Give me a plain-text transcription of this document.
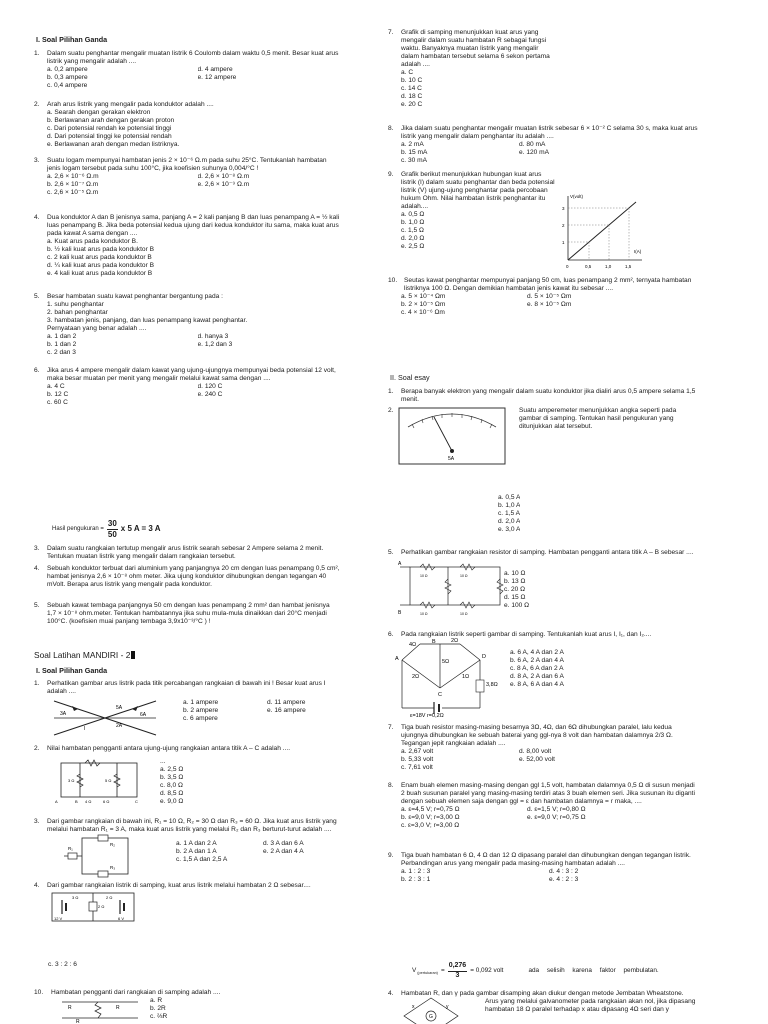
I. Soal Pilihan Ganda
1.	Dalam suatu penghantar mengalir muatan listrik 6 Coulomb dalam waktu 0,5 menit. Besar kuat arus listrik yang mengalir adalah ....
a. 0,2 ampere	d. 4 ampere
b. 0,3 ampere	e. 12 ampere
c. 0,4 ampere
2.	Arah arus listrik yang mengalir pada konduktor adalah ....
a. Searah dengan gerakan elektron
b. Berlawanan arah dengan gerakan proton
c. Dari potensial rendah ke potensial tinggi
d. Dari potensial tinggi ke potensial rendah
e. Berlawanan arah dengan medan listriknya.
3.	Suatu logam mempunyai hambatan jenis 2 × 10⁻⁶ Ω.m pada suhu 25°C. Tentukanlah hambatan jenis logam tersebut pada suhu 100°C, jika koefisien suhunya 0,004/°C !
a. 2,6 × 10⁻⁶ Ω.m	d. 2,6 × 10⁻⁸ Ω.m
b. 2,6 × 10⁻⁷ Ω.m	e. 2,6 × 10⁻⁹ Ω.m
c. 2,6 × 10⁻⁵ Ω.m
4.	Dua konduktor A dan B jenisnya sama, panjang A = 2 kali panjang B dan luas penampang A = ½ kali luas penampang B. Jika beda potensial kedua ujung dari kedua konduktor itu sama, maka kuat arus pada kawat A sama dengan ....
a. Kuat arus pada konduktor B.
b. ½ kali kuat arus pada konduktor B
c. 2 kali kuat arus pada konduktor B
d. ¼ kali kuat arus pada konduktor B
e. 4 kali kuat arus pada konduktor B
5.	Besar hambatan suatu kawat penghantar bergantung pada :
1. suhu penghantar
2. bahan penghantar
3. hambatan jenis, panjang, dan luas penampang kawat penghantar.
Pernyataan yang benar adalah ....
a. 1 dan 2	d. hanya 3
b. 1 dan 2	e. 1,2 dan 3
c. 2 dan 3
6.	Jika arus 4 ampere mengalir dalam kawat yang ujung-ujungnya mempunyai beda potensial 12 volt, maka besar muatan per menit yang mengalir melalui kawat sama dengan ....
a. 4 C	d. 120 C
b. 12 C	e. 240 C
c. 60 C
Hasil pengukuran = $\frac{30}{50}$ x 5 A = 3 A
3.	Dalam suatu rangkaian tertutup mengalir arus listrik searah sebesar 2 Ampere selama 2 menit. Tentukan muatan listrik yang mengalir dalam rangkaian tersebut.
4.	Sebuah konduktor terbuat dari aluminium yang panjangnya 20 cm dengan luas penampang 0,5 cm², hambat jenisnya 2,6 × 10⁻⁸ ohm meter. Jika ujung konduktor dihubungkan dengan tegangan 40 mVolt. Berapa arus listrik yang mengalir pada konduktor.
5.	Sebuah kawat tembaga panjangnya 50 cm dengan luas penampang 2 mm² dan hambat jenisnya 1,7 × 10⁻⁸ ohm.meter. Tentukan hambatannya jika suhu mula-mula dinaikkan dari 20°C menjadi 100°C. (koefisien muai panjang tembaga 3,9x10⁻³/°C ) !
Soal Latihan MANDIRI - 2
I. Soal Pilihan Ganda
1.	Perhatikan gambar arus listrik pada titik percabangan rangkaian di bawah ini ! Besar kuat arus I adalah ....
3A
5A
2A
I
6A
a. 1 ampere	d. 11 ampere
b. 2 ampere	e. 16 ampere
c. 6 ampere
2.	Nilai hambatan pengganti antara ujung-ujung rangkaian antara titik A – C adalah ....
3 Ω	5 Ω
4 Ω	6 Ω
A	B	C
...
a. 2,5 Ω
b. 3,5 Ω
c. 8,0 Ω
d. 8,5 Ω
e. 9,0 Ω
3.	Dari gambar rangkaian di bawah ini, R₁ = 10 Ω, R₂ = 30 Ω dan R₃ = 60 Ω. Jika kuat arus listrik yang melalui hambatan R₁ = 3 A, maka kuat arus listrik yang melalui R₂ dan R₃ berturut-turut adalah ....
R₁
R₂
R₃
a. 1 A dan 2 A	d. 3 A dan 6 A
b. 2 A dan 1 A	e. 2 A dan 4 A
c. 1,5 A dan 2,5 A
4.	Dari gambar rangkaian listrik di samping, kuat arus listrik melalui hambatan 2 Ω sebesar....
12 V	6 V
2 Ω
3 Ω	2 Ω
c. 3 : 2 : 6
10.	Hambatan pengganti dari rangkaian di samping adalah ....
R	R
R
a. R
b. 2R
c. ⅔R
7.	Grafik di samping menunjukkan kuat arus yang mengalir dalam suatu hambatan R sebagai fungsi waktu. Banyaknya muatan listrik yang mengalir dalam hambatan tersebut selama 6 sekon pertama adalah ....
a. C
b. 10 C
c. 14 C
d. 18 C
e. 20 C
8.	Jika dalam suatu penghantar mengalir muatan listrik sebesar 6 × 10⁻² C selama 30 s, maka kuat arus listrik yang mengalir dalam penghantar itu adalah ....
a. 2 mA	d. 80 mA
b. 15 mA	e. 120 mA
c. 30 mA
9.	Grafik berikut menunjukkan hubungan kuat arus listrik (I) dalam suatu penghantar dan beda potensial listrik (V) ujung-ujung penghantar pada percobaan hukum Ohm. Nilai hambatan listrik penghantar itu adalah....
a. 0,5 Ω
b. 1,0 Ω
c. 1,5 Ω
d. 2,0 Ω
e. 2,5 Ω
V(volt)
I(A)
1
2
3
0	0,5	1,0	1,5
10.	Seutas kawat penghantar mempunyai panjang 50 cm, luas penampang 2 mm², ternyata hambatan listriknya 100 Ω. Dengan demikian hambatan jenis kawat itu sebesar ....
a. 5 × 10⁻⁴ Ωm	d. 5 × 10⁻⁵ Ωm
b. 2 × 10⁻⁵ Ωm	e. 8 × 10⁻⁵ Ωm
c. 4 × 10⁻⁶ Ωm
II. Soal esay
1.	Berapa banyak elektron yang mengalir dalam suatu konduktor jika dialiri arus 0,5 ampere selama 1,5 menit.
2.	Suatu amperemeter menunjukkan angka seperti pada gambar di samping. Tentukan hasil pengukuran yang ditunjukkan alat tersebut.
5A
a. 0,5 A
b. 1,0 A
c. 1,5 A
d. 2,0 A
e. 3,0 A
5.	Perhatikan gambar rangkaian resistor di samping. Hambatan pengganti antara titik A – B sebesar ....
A
B
10 Ω	10 Ω
10 Ω	10 Ω
a. 10 Ω
b. 13 Ω
c. 20 Ω
d. 15 Ω
e. 100 Ω
6.	Pada rangkaian listrik seperti gambar di samping. Tentukanlah kuat arus I, I₁, dan I₂....
4Ω
2Ω
5Ω
2Ω	1Ω
3,8Ω
A
B
C
D
ε=18V r=0,2Ω
a. 6 A, 4 A dan 2 A
b. 6 A, 2 A dan 4 A
c. 8 A, 6 A dan 2 A
d. 8 A, 2 A dan 6 A
e. 8 A, 6 A dan 4 A
7.	Tiga buah resistor masing-masing besarnya 3Ω, 4Ω, dan 6Ω dihubungkan paralel, lalu kedua ujungnya dihubungkan ke sebuah baterai yang ggl-nya 8 volt dan hambatan dalamnya 2/3 Ω. Tegangan jepit rangkaian adalah ....
a. 2,67 volt	d. 8,00 volt
b. 5,33 volt	e. 52,00 volt
c. 7,61 volt
8.	Enam buah elemen masing-masing dengan ggl 1,5 volt, hambatan dalamnya 0,5 Ω di susun menjadi 2 buah susunan paralel yang masing-masing terdiri atas 3 buah elemen seri. Jika susunan itu diganti dengan sebuah elemen saja dengan ggl = ε dan hambatan dalamnya = r maka, ....
a. ε=4,5 V; r=0,75 Ω	d. ε=1,5 V; r=0,80 Ω
b. ε=9,0 V; r=3,00 Ω	e. ε=9,0 V; r=0,75 Ω
c. ε=3,0 V; r=3,00 Ω
9.	Tiga buah hambatan 6 Ω, 4 Ω dan 12 Ω dipasang paralel dan dihubungkan dengan tegangan listrik. Perbandingan arus yang mengalir pada masing-masing hambatan adalah ....
a. 1 : 2 : 3	d. 4 : 3 : 2
b. 2 : 3 : 1	e. 4 : 2 : 3
V (pertukaran) = $\frac{0,276}{3} = 0,092$ volt	ada selisih karena faktor pembulatan.
4.	Hambatan R, dan γ pada gambar disamping akan diukur dengan metode Jembatan Wheatstone. Arus yang melalui galvanometer pada rangkaian akan nol, jika dipasang hambatan 18 Ω paralel terhadap x atau dipasang 4Ω seri dan y
G
x	y
